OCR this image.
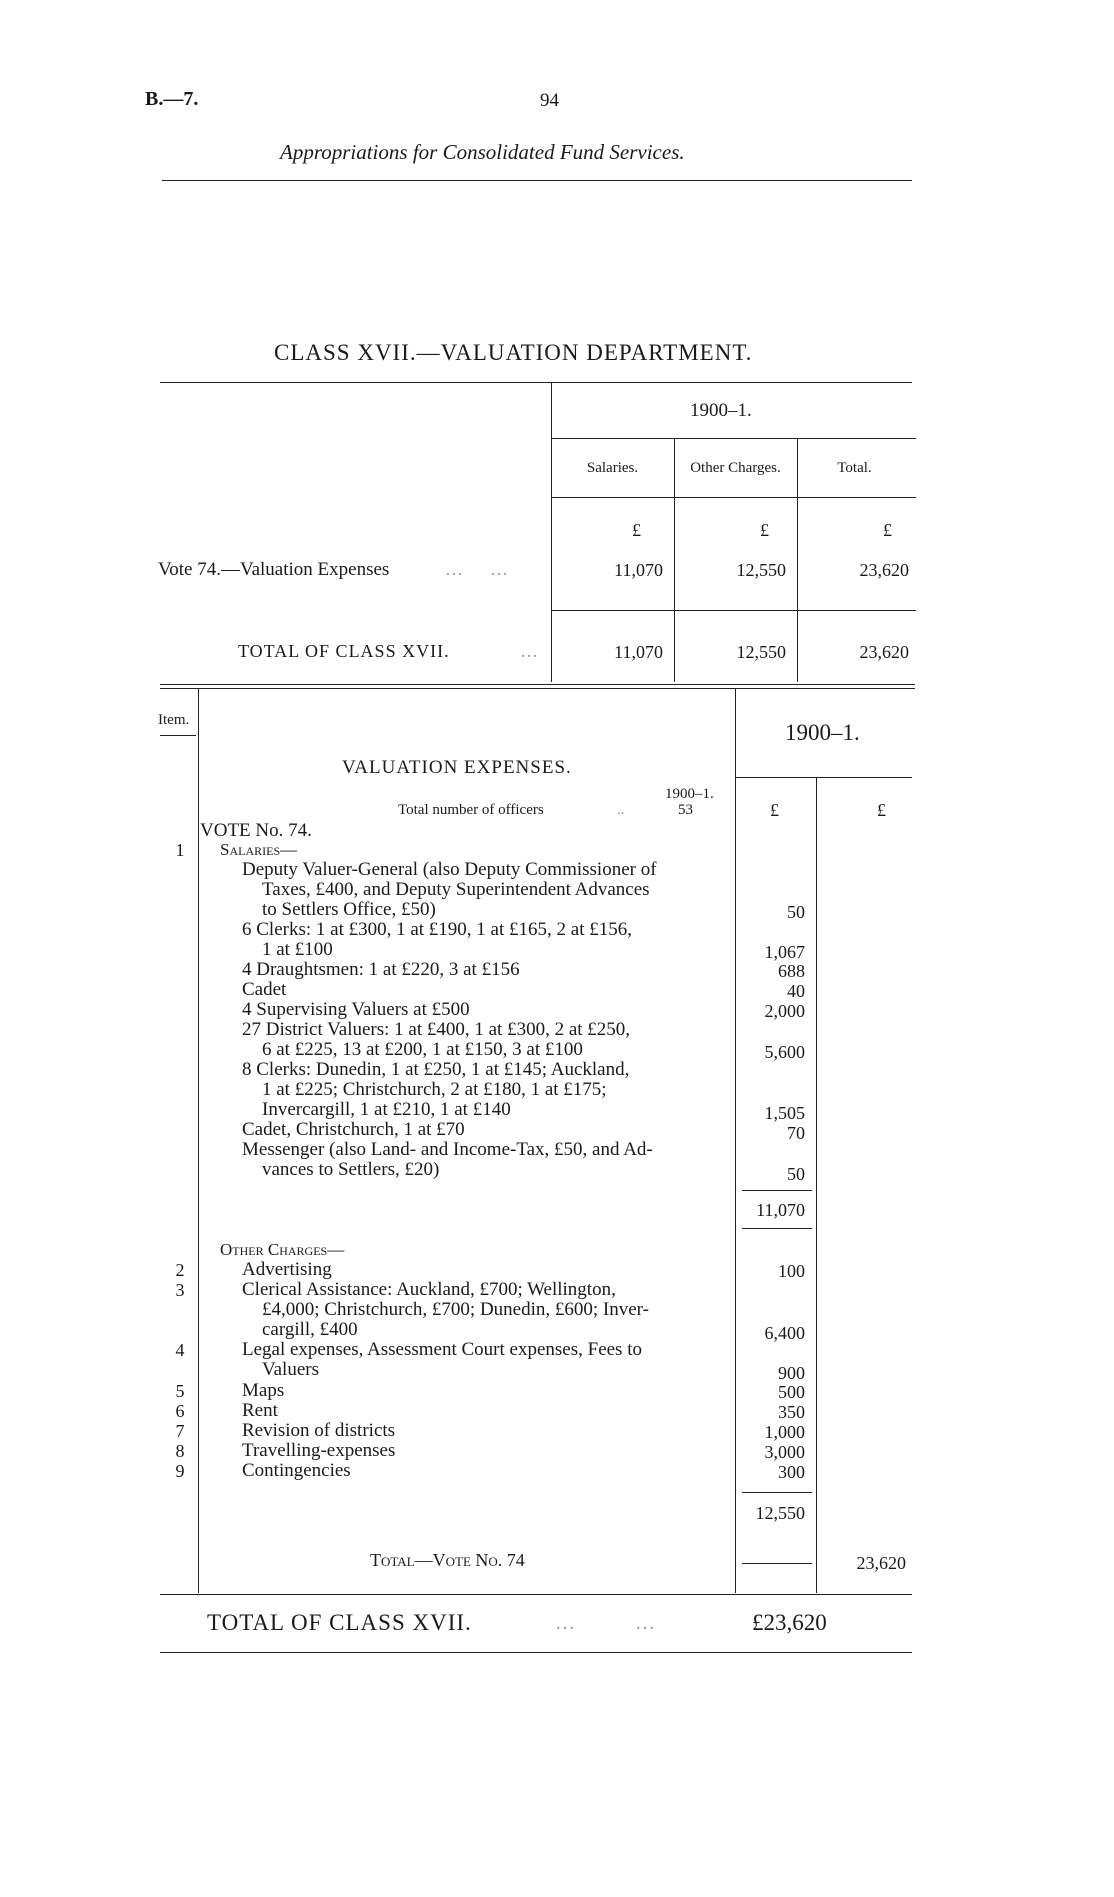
B.—7.	94
Appropriations for Consolidated Fund Services.
CLASS XVII.—VALUATION DEPARTMENT.
1900–1.
Salaries.	Other Charges.	Total.
£	£	£
Vote 74.—Valuation Expenses	…      …	11,070	12,550	23,620
TOTAL OF CLASS XVII.	…	11,070	12,550	23,620
Item.	1900–1.
VALUATION EXPENSES.
1900–1.
Total number of officers	..	53	£	£
VOTE No. 74.
1	Salaries—
Deputy Valuer-General (also Deputy Commissioner of
Taxes, £400, and Deputy Superintendent Advances
to Settlers Office, £50)	50
6 Clerks: 1 at £300, 1 at £190, 1 at £165, 2 at £156,
1 at £100	1,067
4 Draughtsmen: 1 at £220, 3 at £156	688
Cadet	40
4 Supervising Valuers at £500	2,000
27 District Valuers: 1 at £400, 1 at £300, 2 at £250,
6 at £225, 13 at £200, 1 at £150, 3 at £100	5,600
8 Clerks: Dunedin, 1 at £250, 1 at £145; Auckland,
1 at £225; Christchurch, 2 at £180, 1 at £175;
Invercargill, 1 at £210, 1 at £140	1,505
Cadet, Christchurch, 1 at £70	70
Messenger (also Land- and Income-Tax, £50, and Ad-
vances to Settlers, £20)	50
11,070
Other Charges—
2	Advertising	100
3	Clerical Assistance: Auckland, £700; Wellington,
£4,000; Christchurch, £700; Dunedin, £600; Inver-
cargill, £400	6,400
4	Legal expenses, Assessment Court expenses, Fees to
Valuers	900
5	Maps	500
6	Rent	350
7	Revision of districts	1,000
8	Travelling-expenses	3,000
9	Contingencies	300
12,550
Total—Vote No. 74	23,620
TOTAL OF CLASS XVII.	…            …	£23,620
